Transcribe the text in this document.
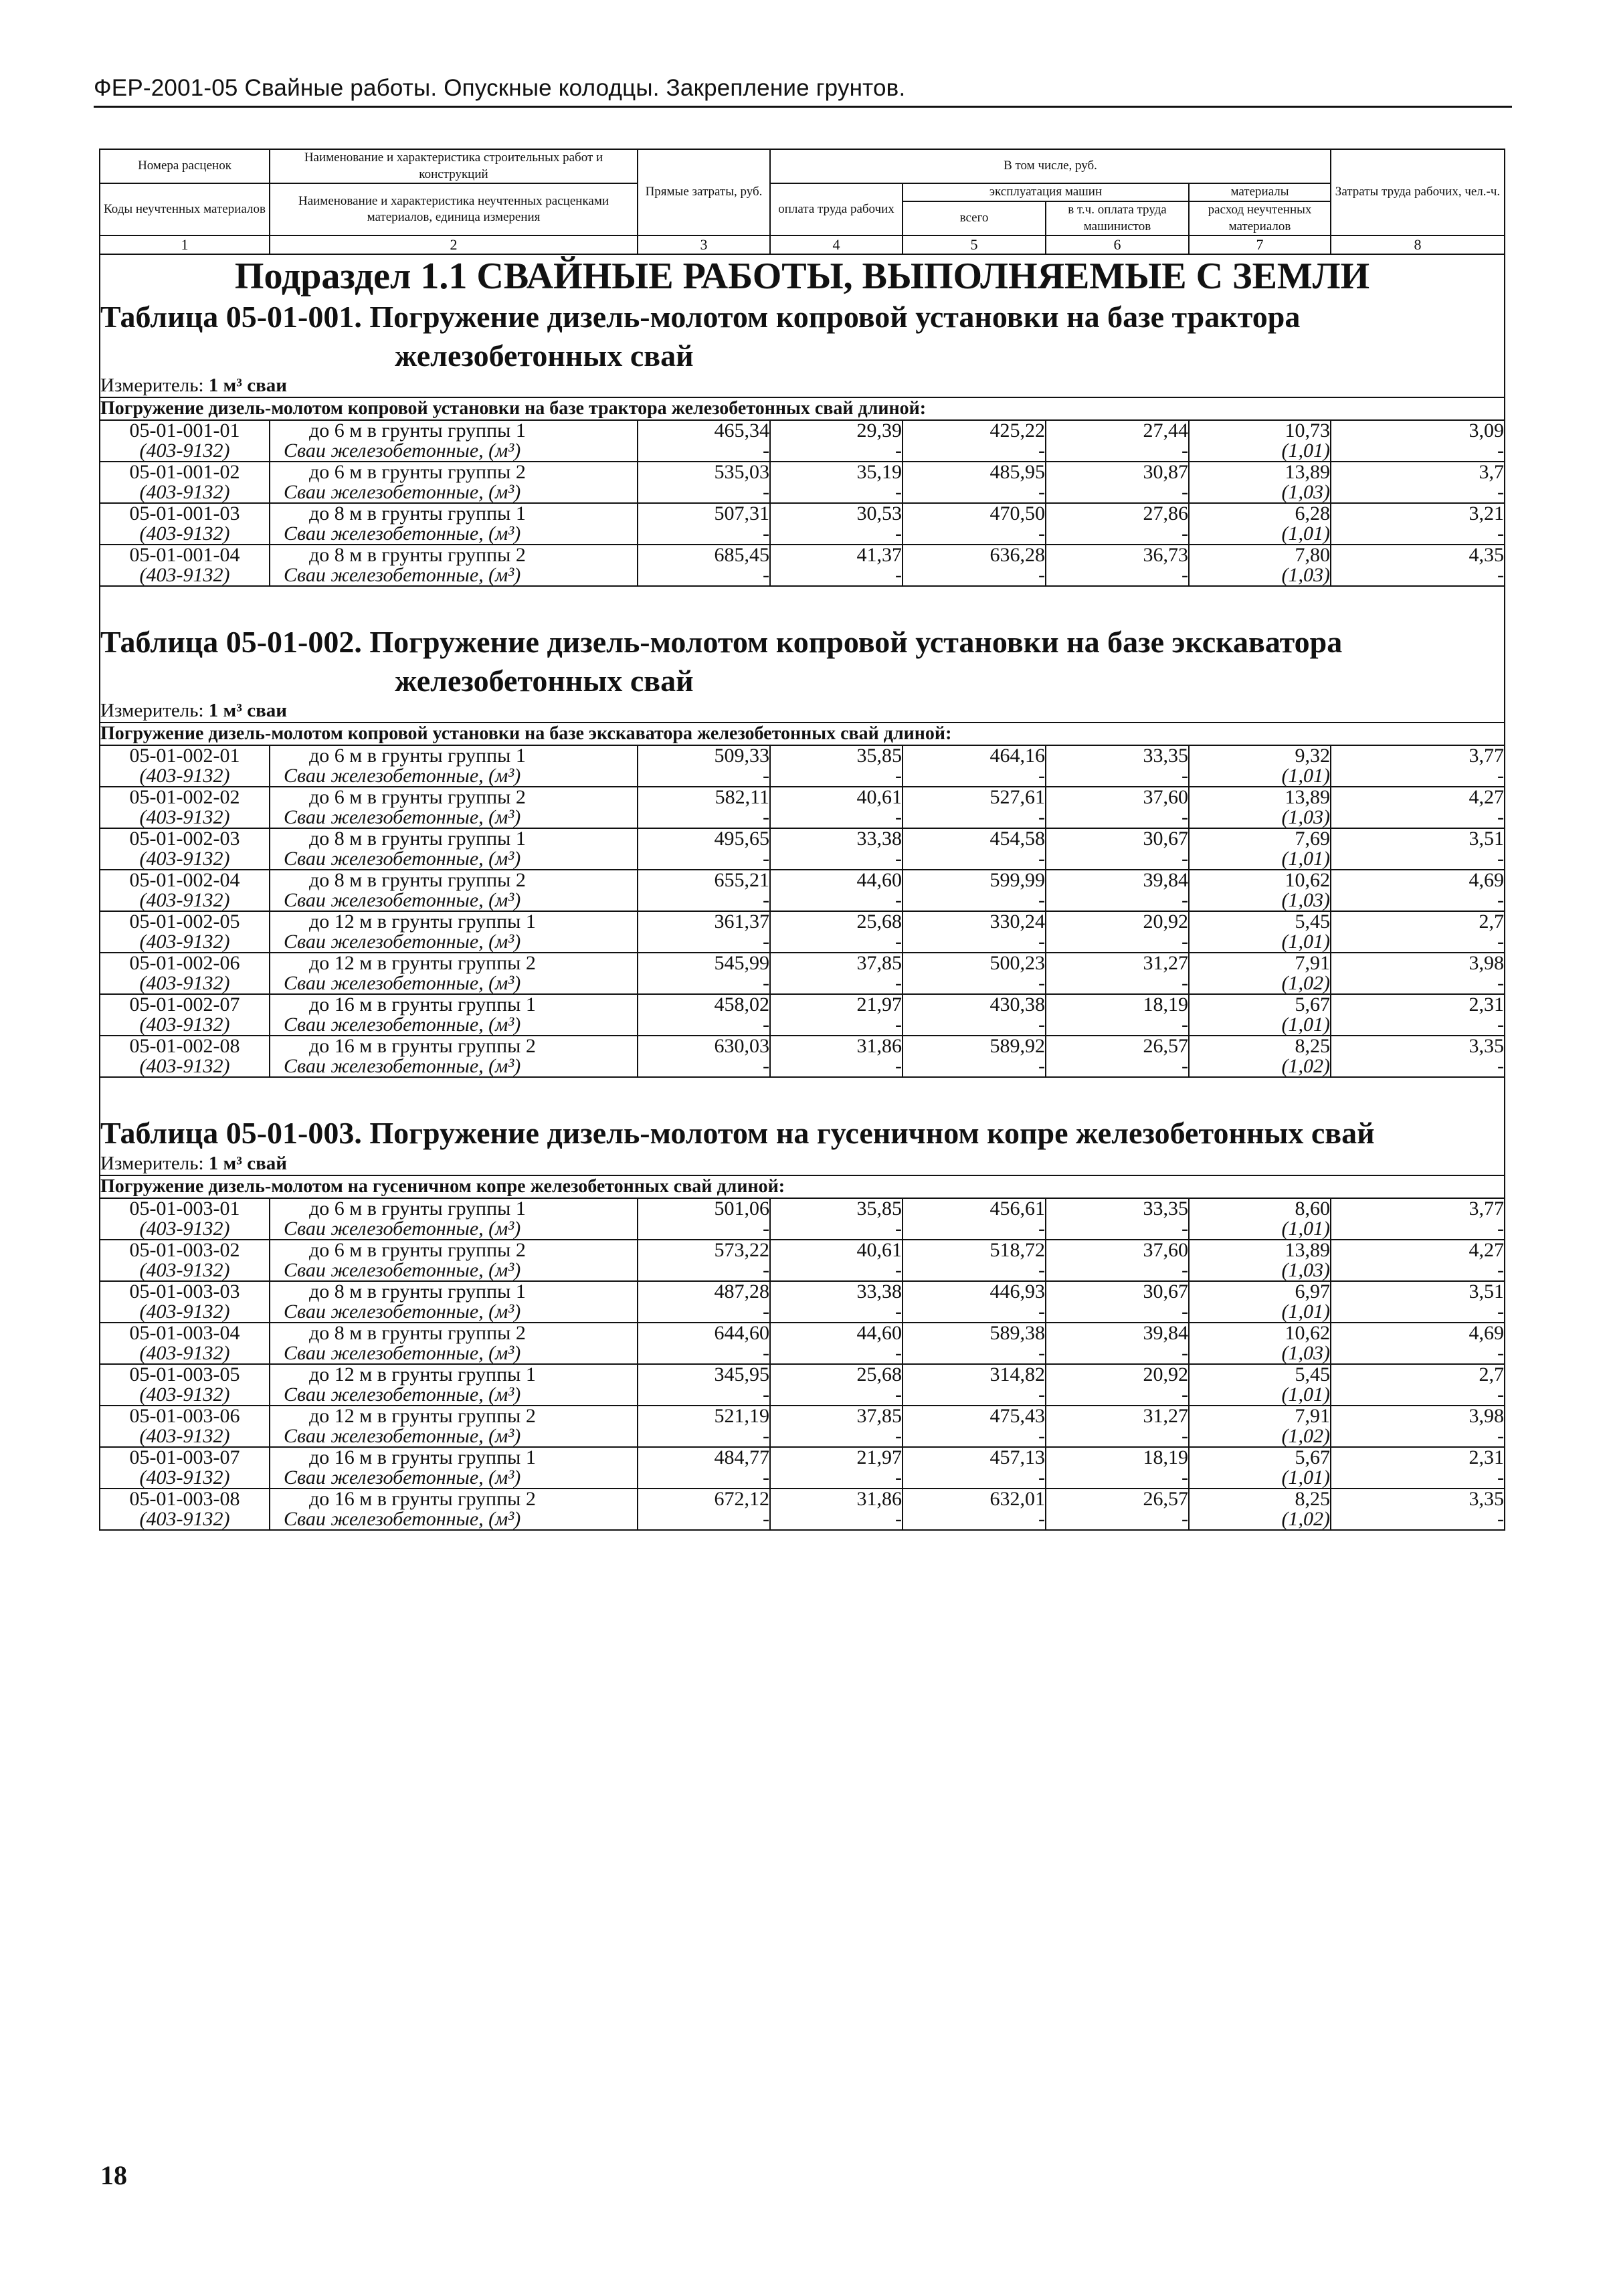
ФЕР-2001-05 Свайные работы. Опускные колодцы. Закрепление грунтов.
Номера расценок	Наименование и характеристика строительных работ и конструкций	Прямые затраты, руб.	В том числе, руб.				Затраты труда рабочих, чел.-ч.
Коды неучтенных материалов	Наименование и характеристика неучтенных расценками материалов, единица измерения		оплата труда рабочих	эксплуатация машин		материалы	
				всего	в т.ч. оплата труда машинистов	расход неучтенных материалов	
1	2	3	4	5	6	7	8
Подраздел 1.1 СВАЙНЫЕ РАБОТЫ, ВЫПОЛНЯЕМЫЕ С ЗЕМЛИ							
Таблица 05-01-001. Погружение дизель-молотом копровой установки на базе трактора
железобетонных свай							

Измеритель: 1 м³ сваи							
Погружение дизель-молотом копровой установки на базе трактора железобетонных свай длиной:							
05-01-001-01	до 6 м в грунты группы 1	465,34	29,39	425,22	27,44	10,73	3,09
(403-9132)	Сваи железобетонные, (м³)	-	-	-	-	(1,01)	-
05-01-001-02	до 6 м в грунты группы 2	535,03	35,19	485,95	30,87	13,89	3,7
(403-9132)	Сваи железобетонные, (м³)	-	-	-	-	(1,03)	-
05-01-001-03	до 8 м в грунты группы 1	507,31	30,53	470,50	27,86	6,28	3,21
(403-9132)	Сваи железобетонные, (м³)	-	-	-	-	(1,01)	-
05-01-001-04	до 8 м в грунты группы 2	685,45	41,37	636,28	36,73	7,80	4,35
(403-9132)	Сваи железобетонные, (м³)	-	-	-	-	(1,03)	-

Таблица 05-01-002. Погружение дизель-молотом копровой установки на базе экскаватора
железобетонных свай							

Измеритель: 1 м³ сваи							
Погружение дизель-молотом копровой установки на базе экскаватора железобетонных свай длиной:							
05-01-002-01	до 6 м в грунты группы 1	509,33	35,85	464,16	33,35	9,32	3,77
(403-9132)	Сваи железобетонные, (м³)	-	-	-	-	(1,01)	-
05-01-002-02	до 6 м в грунты группы 2	582,11	40,61	527,61	37,60	13,89	4,27
(403-9132)	Сваи железобетонные, (м³)	-	-	-	-	(1,03)	-
05-01-002-03	до 8 м в грунты группы 1	495,65	33,38	454,58	30,67	7,69	3,51
(403-9132)	Сваи железобетонные, (м³)	-	-	-	-	(1,01)	-
05-01-002-04	до 8 м в грунты группы 2	655,21	44,60	599,99	39,84	10,62	4,69
(403-9132)	Сваи железобетонные, (м³)	-	-	-	-	(1,03)	-
05-01-002-05	до 12 м в грунты группы 1	361,37	25,68	330,24	20,92	5,45	2,7
(403-9132)	Сваи железобетонные, (м³)	-	-	-	-	(1,01)	-
05-01-002-06	до 12 м в грунты группы 2	545,99	37,85	500,23	31,27	7,91	3,98
(403-9132)	Сваи железобетонные, (м³)	-	-	-	-	(1,02)	-
05-01-002-07	до 16 м в грунты группы 1	458,02	21,97	430,38	18,19	5,67	2,31
(403-9132)	Сваи железобетонные, (м³)	-	-	-	-	(1,01)	-
05-01-002-08	до 16 м в грунты группы 2	630,03	31,86	589,92	26,57	8,25	3,35
(403-9132)	Сваи железобетонные, (м³)	-	-	-	-	(1,02)	-

Таблица 05-01-003. Погружение дизель-молотом на гусеничном копре железобетонных свай							
Измеритель: 1 м³ свай							
Погружение дизель-молотом на гусеничном копре железобетонных свай длиной:							
05-01-003-01	до 6 м в грунты группы 1	501,06	35,85	456,61	33,35	8,60	3,77
(403-9132)	Сваи железобетонные, (м³)	-	-	-	-	(1,01)	-
05-01-003-02	до 6 м в грунты группы 2	573,22	40,61	518,72	37,60	13,89	4,27
(403-9132)	Сваи железобетонные, (м³)	-	-	-	-	(1,03)	-
05-01-003-03	до 8 м в грунты группы 1	487,28	33,38	446,93	30,67	6,97	3,51
(403-9132)	Сваи железобетонные, (м³)	-	-	-	-	(1,01)	-
05-01-003-04	до 8 м в грунты группы 2	644,60	44,60	589,38	39,84	10,62	4,69
(403-9132)	Сваи железобетонные, (м³)	-	-	-	-	(1,03)	-
05-01-003-05	до 12 м в грунты группы 1	345,95	25,68	314,82	20,92	5,45	2,7
(403-9132)	Сваи железобетонные, (м³)	-	-	-	-	(1,01)	-
05-01-003-06	до 12 м в грунты группы 2	521,19	37,85	475,43	31,27	7,91	3,98
(403-9132)	Сваи железобетонные, (м³)	-	-	-	-	(1,02)	-
05-01-003-07	до 16 м в грунты группы 1	484,77	21,97	457,13	18,19	5,67	2,31
(403-9132)	Сваи железобетонные, (м³)	-	-	-	-	(1,01)	-
05-01-003-08	до 16 м в грунты группы 2	672,12	31,86	632,01	26,57	8,25	3,35
(403-9132)	Сваи железобетонные, (м³)	-	-	-	-	(1,02)	-
18
